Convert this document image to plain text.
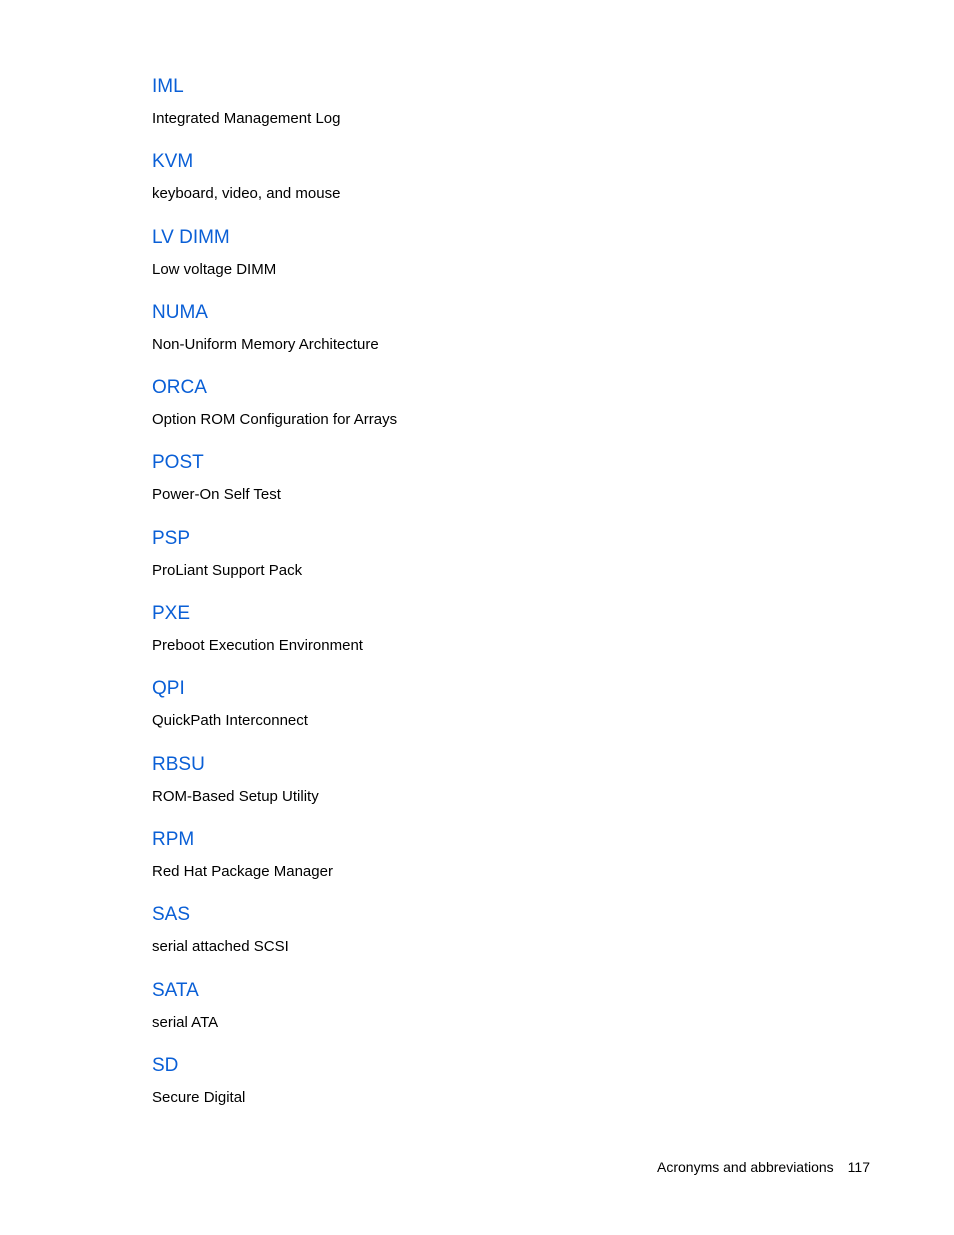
IML
Integrated Management Log
KVM
keyboard, video, and mouse
LV DIMM
Low voltage DIMM
NUMA
Non-Uniform Memory Architecture
ORCA
Option ROM Configuration for Arrays
POST
Power-On Self Test
PSP
ProLiant Support Pack
PXE
Preboot Execution Environment
QPI
QuickPath Interconnect
RBSU
ROM-Based Setup Utility
RPM
Red Hat Package Manager
SAS
serial attached SCSI
SATA
serial ATA
SD
Secure Digital
Acronyms and abbreviations 117
